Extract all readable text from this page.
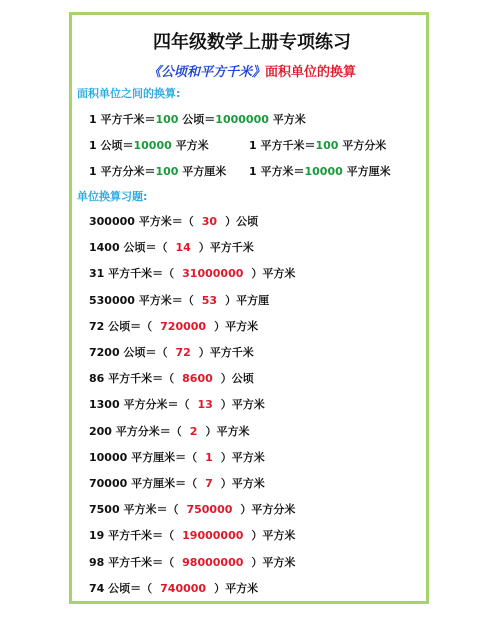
四年级数学上册专项练习
《公顷和平方千米》面积单位的换算
面积单位之间的换算:
1 平方千米＝100 公顷＝1000000 平方米
1 公顷＝10000 平方米	1 平方千米＝100 平方分米
1 平方分米＝100 平方厘米 1 平方米＝10000 平方厘米
单位换算习题:
300000 平方米＝（ 30 ）公顷
1400 公顷＝（ 14 ）平方千米
31 平方千米＝（ 31000000 ）平方米
530000 平方米＝（ 53 ）平方厘
72 公顷＝（ 720000 ）平方米
7200 公顷＝（ 72 ）平方千米
86 平方千米＝（ 8600 ）公顷
1300 平方分米＝（ 13 ）平方米
200 平方分米＝（ 2 ）平方米
10000 平方厘米＝（ 1 ）平方米
70000 平方厘米＝（ 7 ）平方米
7500 平方米＝（ 750000 ）平方分米
19 平方千米＝（ 19000000 ）平方米
98 平方千米＝（ 98000000 ）平方米
74 公顷＝（ 740000 ）平方米
